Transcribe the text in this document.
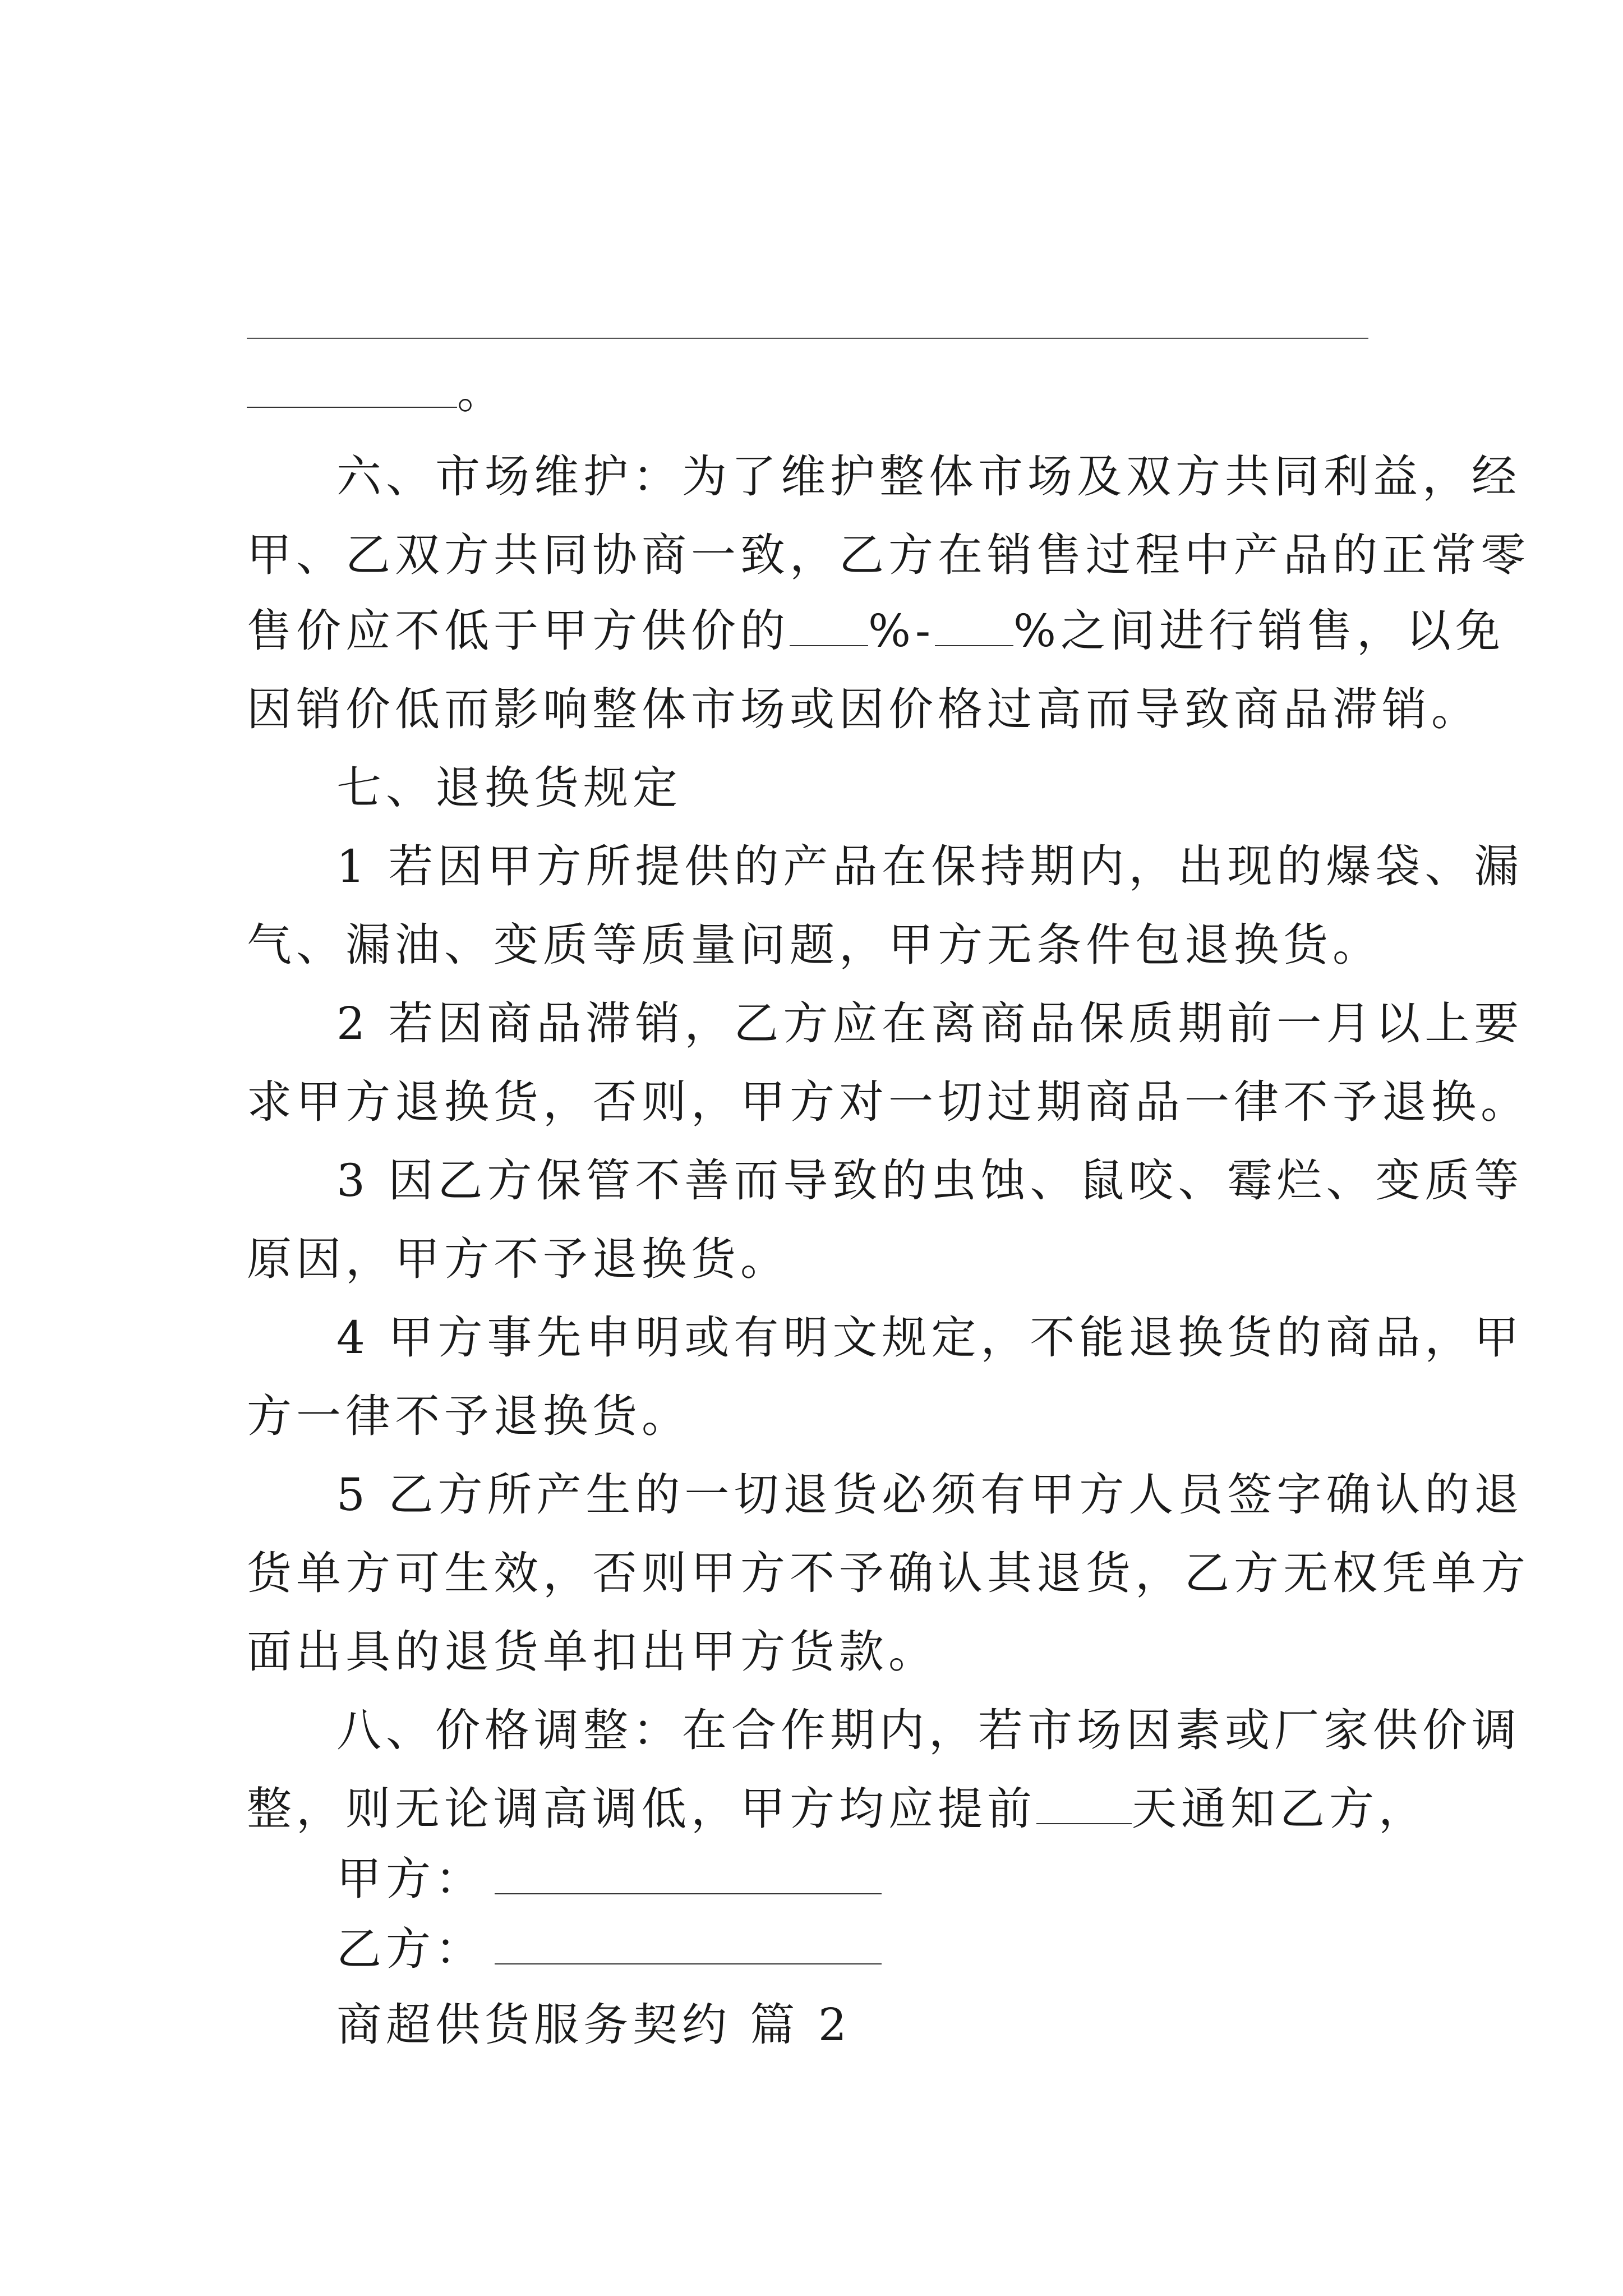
。
六、市场维护：为了维护整体市场及双方共同利益，经
甲、乙双方共同协商一致，乙方在销售过程中产品的正常零
售价应不低于甲方供价的 %- %之间进行销售，以免
因销价低而影响整体市场或因价格过高而导致商品滞销。
七、退换货规定
1 若因甲方所提供的产品在保持期内，出现的爆袋、漏
气、漏油、变质等质量问题，甲方无条件包退换货。
2 若因商品滞销，乙方应在离商品保质期前一月以上要
求甲方退换货，否则，甲方对一切过期商品一律不予退换。
3 因乙方保管不善而导致的虫蚀、鼠咬、霉烂、变质等
原因，甲方不予退换货。
4 甲方事先申明或有明文规定，不能退换货的商品，甲
方一律不予退换货。
5 乙方所产生的一切退货必须有甲方人员签字确认的退
货单方可生效，否则甲方不予确认其退货，乙方无权凭单方
面出具的退货单扣出甲方货款。
八、价格调整：在合作期内，若市场因素或厂家供价调
整，则无论调高调低，甲方均应提前 天通知乙方，
甲方：
乙方：
商超供货服务契约 篇 2
